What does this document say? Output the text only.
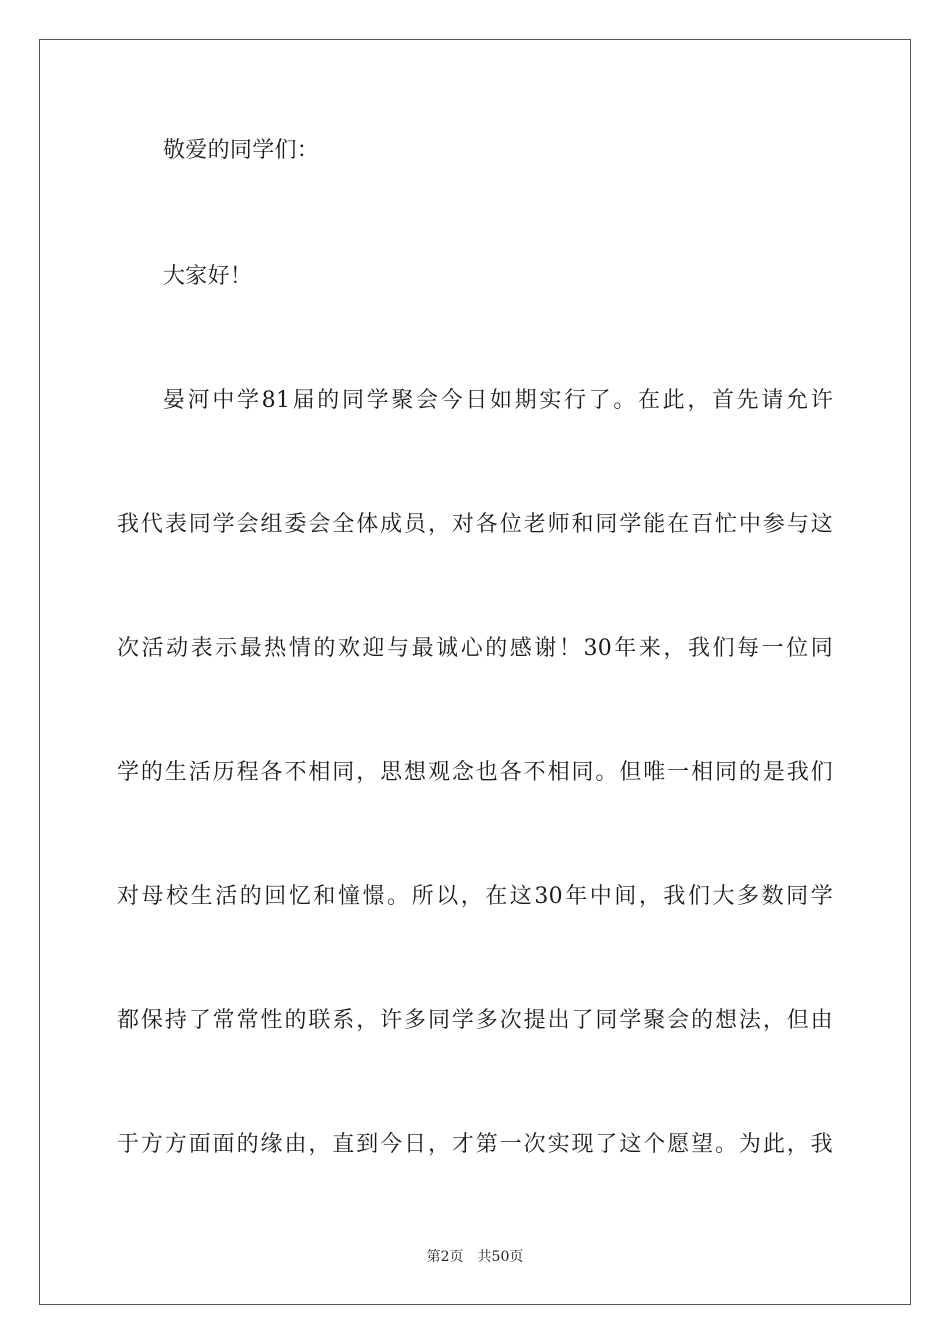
敬爱的同学们：
大家好！
晏河中学81届的同学聚会今日如期实行了。在此，首先请允许
我代表同学会组委会全体成员，对各位老师和同学能在百忙中参与这
次活动表示最热情的欢迎与最诚心的感谢！30年来，我们每一位同
学的生活历程各不相同，思想观念也各不相同。但唯一相同的是我们
对母校生活的回忆和憧憬。所以，在这30年中间，我们大多数同学
都保持了常常性的联系，许多同学多次提出了同学聚会的想法，但由
于方方面面的缘由，直到今日，才第一次实现了这个愿望。为此，我
第2页 共50页
